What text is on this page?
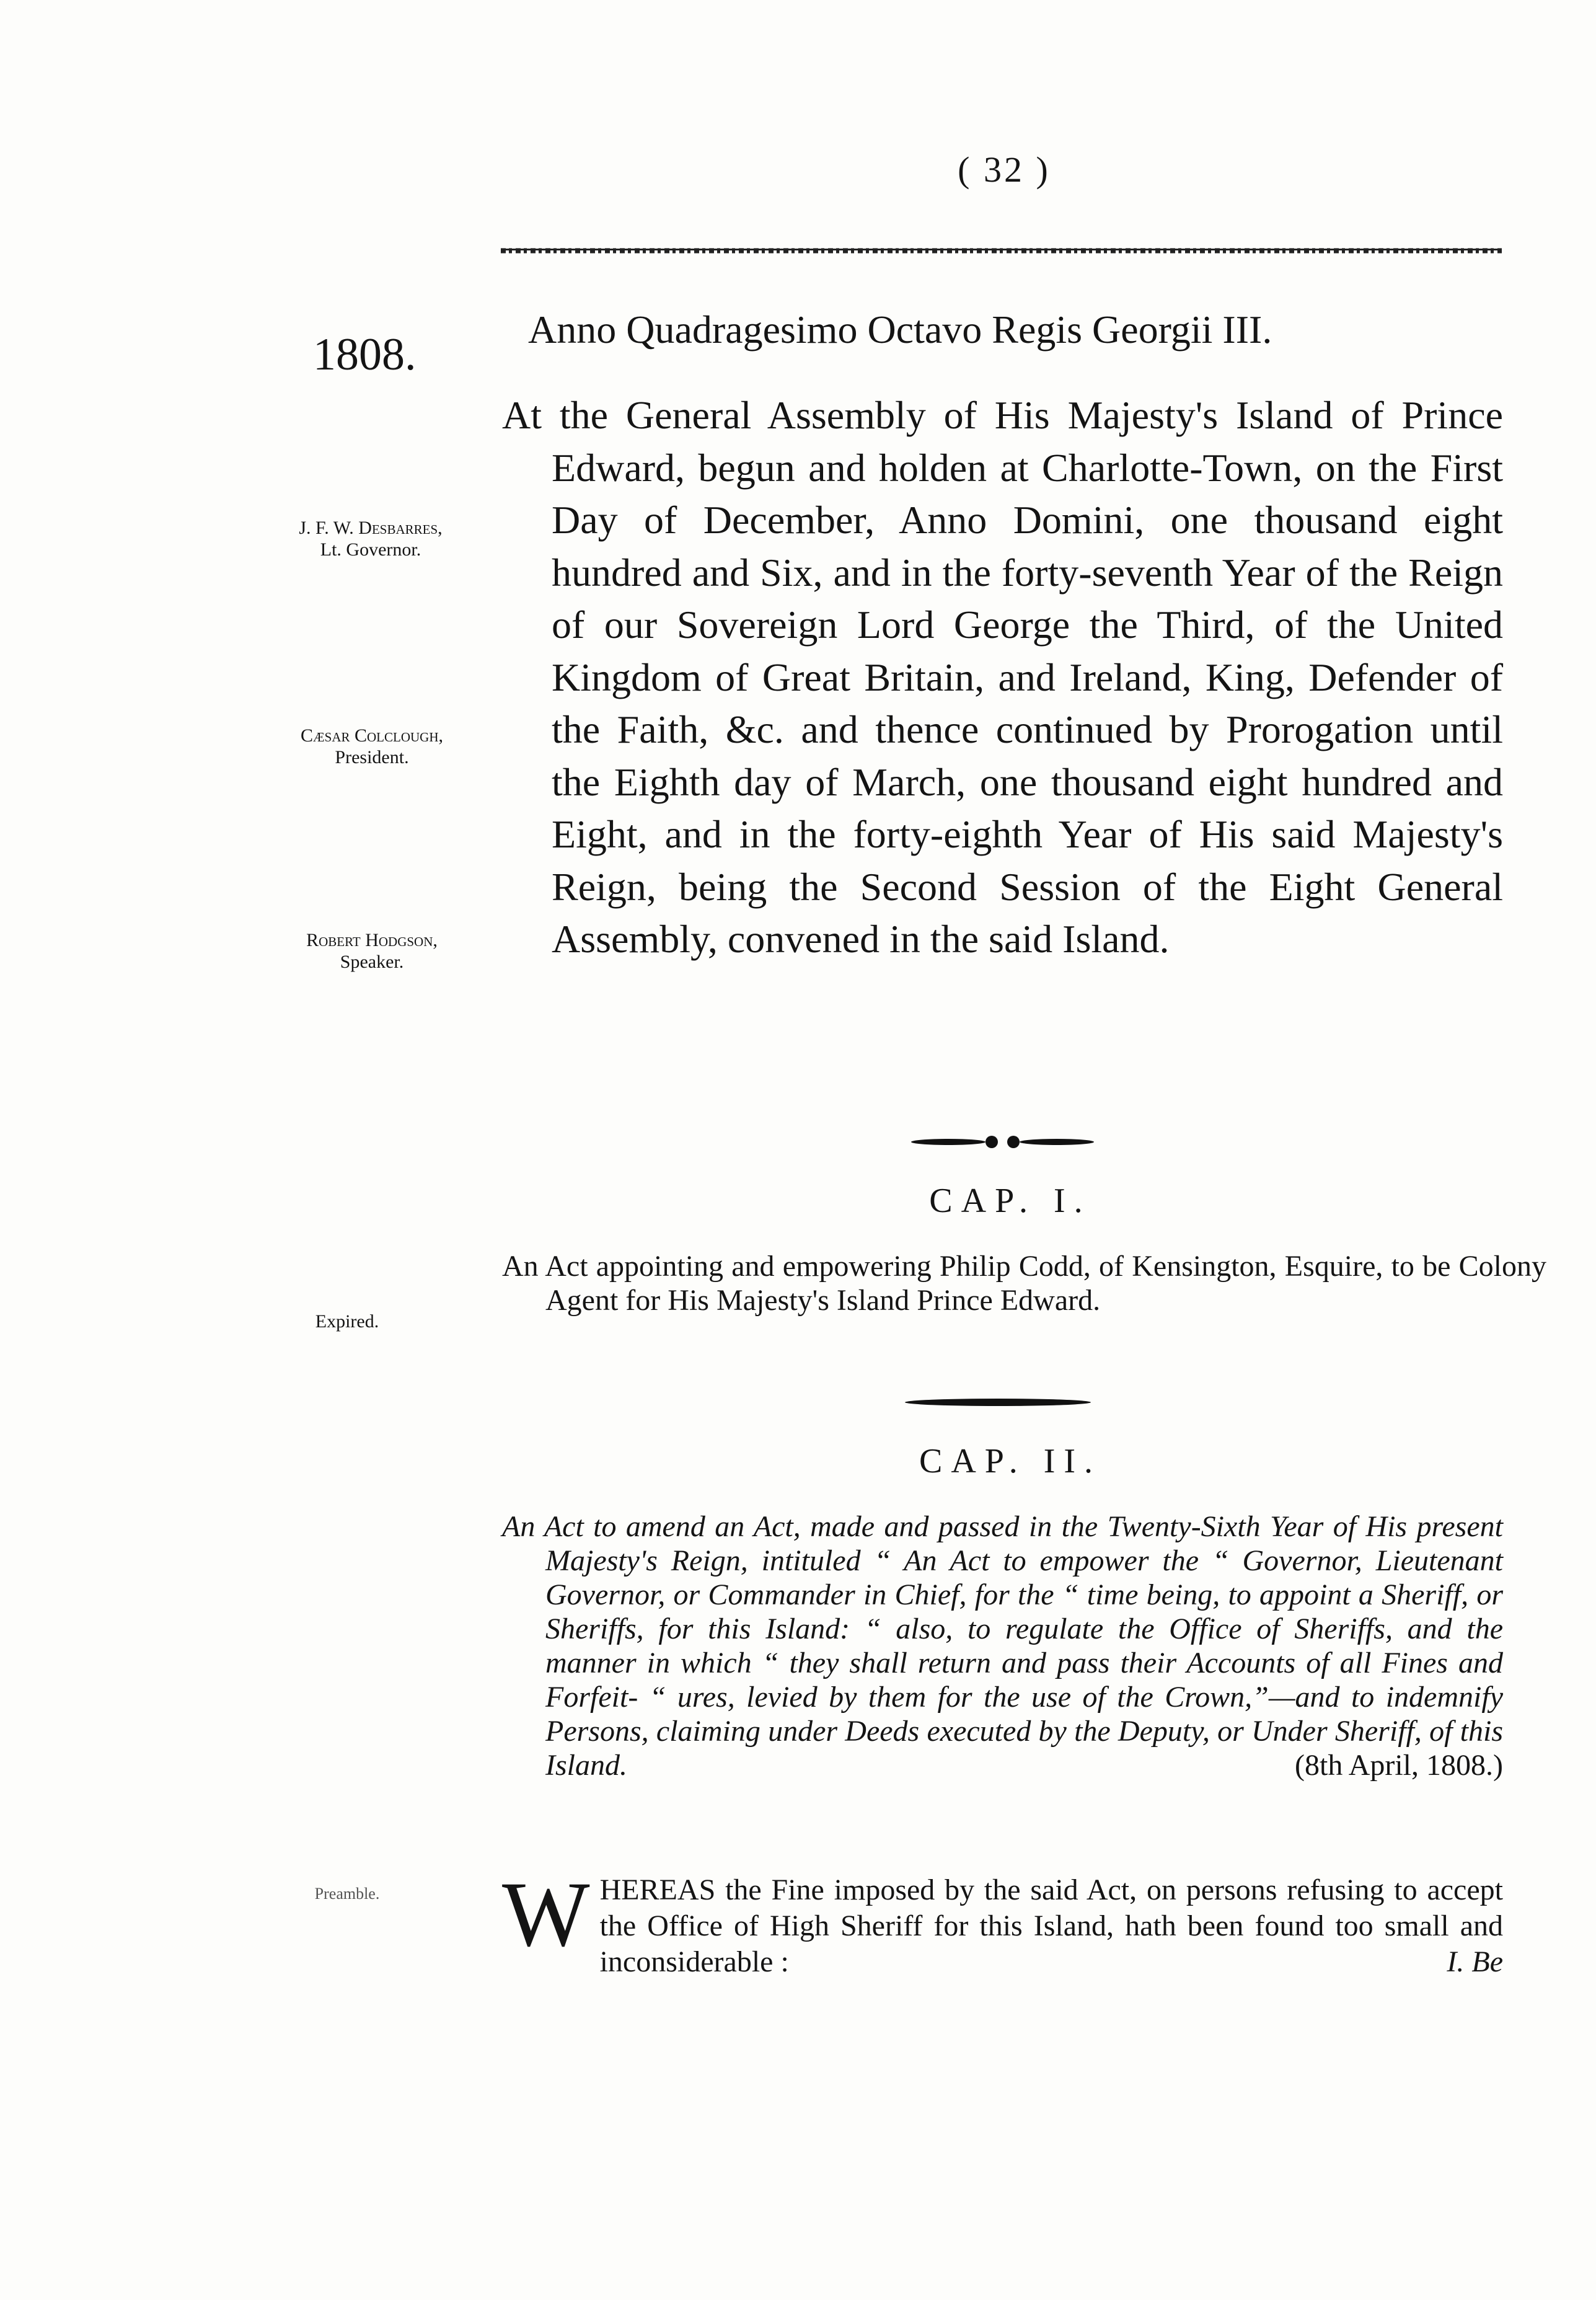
( 32 )
1808.	Anno Quadragesimo Octavo Regis Georgii III.
J. F. W. Desbarres,
Lt. Governor.
Cæsar Colclough,
President.
Robert Hodgson,
Speaker.

At the General Assembly of His Majesty's Island of Prince Edward, begun and holden at Charlotte-Town, on the First Day of December, Anno Domini, one thousand eight hundred and Six, and in the forty-seventh Year of the Reign of our Sovereign Lord George the Third, of the United Kingdom of Great Britain, and Ireland, King, Defender of the Faith, &c. and thence continued by Prorogation until the Eighth day of March, one thousand eight hundred and Eight, and in the forty-eighth Year of His said Majesty's Reign, being the Second Session of the Eight General Assembly, convened in the said Island.

CAP. I.
Expired.
An Act appointing and empowering Philip Codd, of Kensington, Esquire, to be Colony Agent for His Majesty's Island Prince Edward.
CAP. II.
An Act to amend an Act, made and passed in the Twenty-Sixth Year of His present Majesty's Reign, intituled “ An Act to empower the “ Governor, Lieutenant Governor, or Commander in Chief, for the “ time being, to appoint a Sheriff, or Sheriffs, for this Island: “ also, to regulate the Office of Sheriffs, and the manner in which “ they shall return and pass their Accounts of all Fines and Forfeit- “ ures, levied by them for the use of the Crown,”—and to indemnify Persons, claiming under Deeds executed by the Deputy, or Under Sheriff, of this Island.	(8th April, 1808.)
Preamble.	W HEREAS the Fine imposed by the said Act, on persons refusing to accept the Office of High Sheriff for this Island, hath been found too small and inconsiderable :	I. Be
